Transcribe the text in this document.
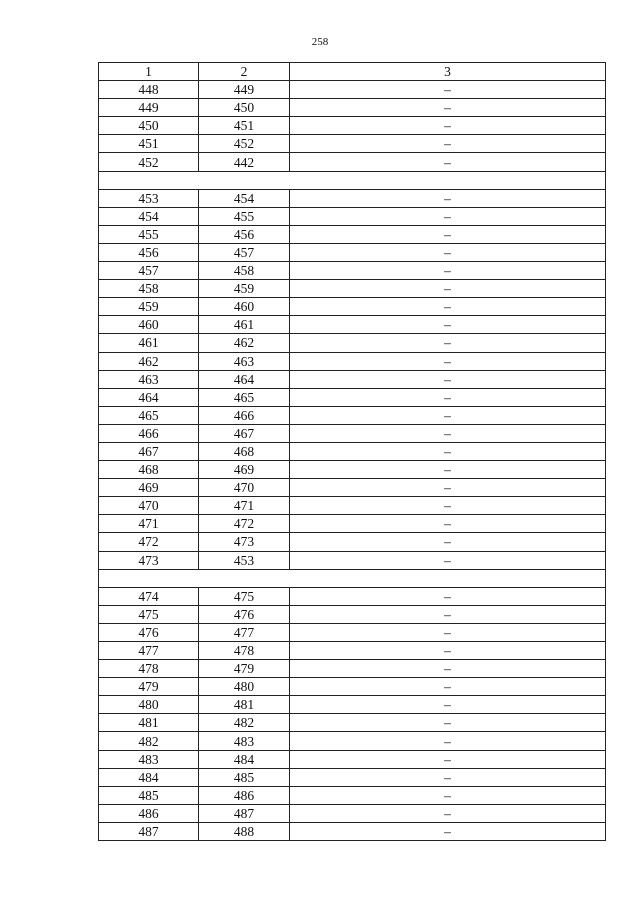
258
1	2	3
448	449	–
449	450	–
450	451	–
451	452	–
452	442	–

453	454	–
454	455	–
455	456	–
456	457	–
457	458	–
458	459	–
459	460	–
460	461	–
461	462	–
462	463	–
463	464	–
464	465	–
465	466	–
466	467	–
467	468	–
468	469	–
469	470	–
470	471	–
471	472	–
472	473	–
473	453	–

474	475	–
475	476	–
476	477	–
477	478	–
478	479	–
479	480	–
480	481	–
481	482	–
482	483	–
483	484	–
484	485	–
485	486	–
486	487	–
487	488	–
